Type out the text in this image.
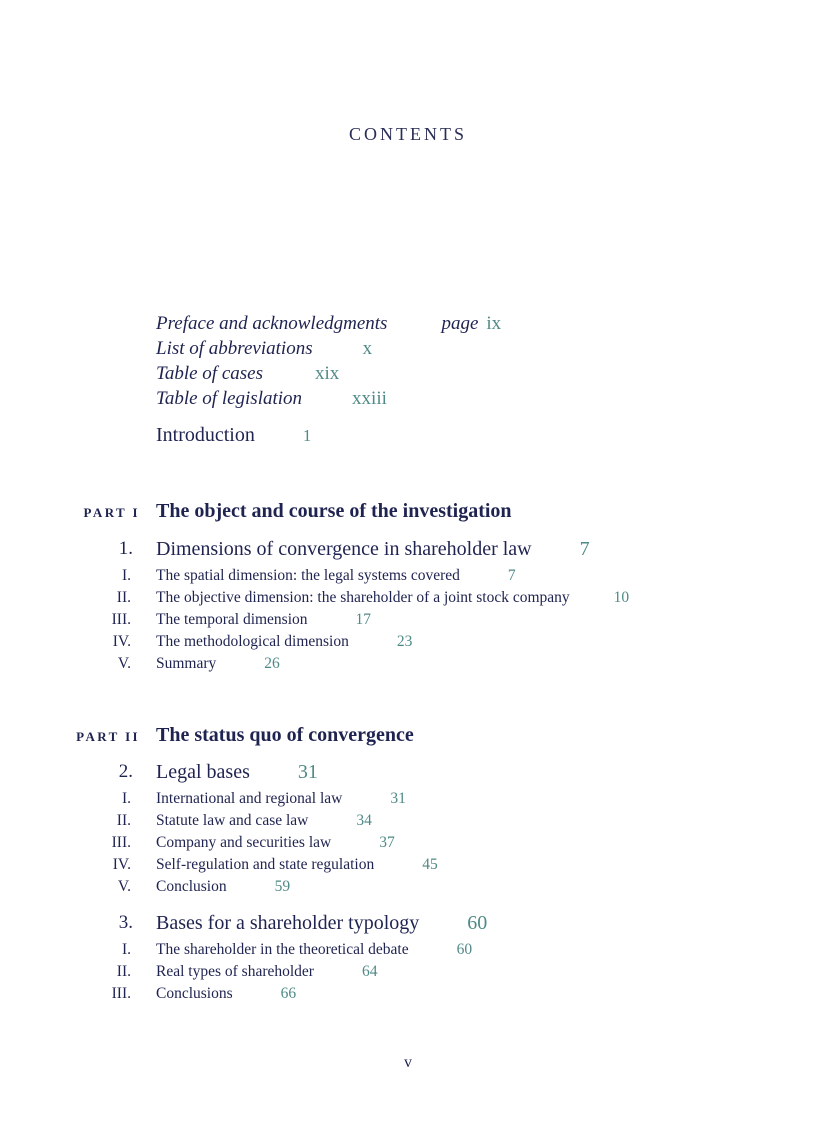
CONTENTS
Preface and acknowledgments	page ix
List of abbreviations	x
Table of cases	xix
Table of legislation	xxiii
Introduction	1
PART I The object and course of the investigation
1. Dimensions of convergence in shareholder law 7
I. The spatial dimension: the legal systems covered	7
II. The objective dimension: the shareholder of a joint stock company	10
III. The temporal dimension	17
IV. The methodological dimension	23
V. Summary	26
PART II The status quo of convergence
2. Legal bases 31
I. International and regional law	31
II. Statute law and case law	34
III. Company and securities law	37
IV. Self-regulation and state regulation	45
V. Conclusion	59
3. Bases for a shareholder typology 60
I. The shareholder in the theoretical debate	60
II. Real types of shareholder	64
III. Conclusions	66
v
